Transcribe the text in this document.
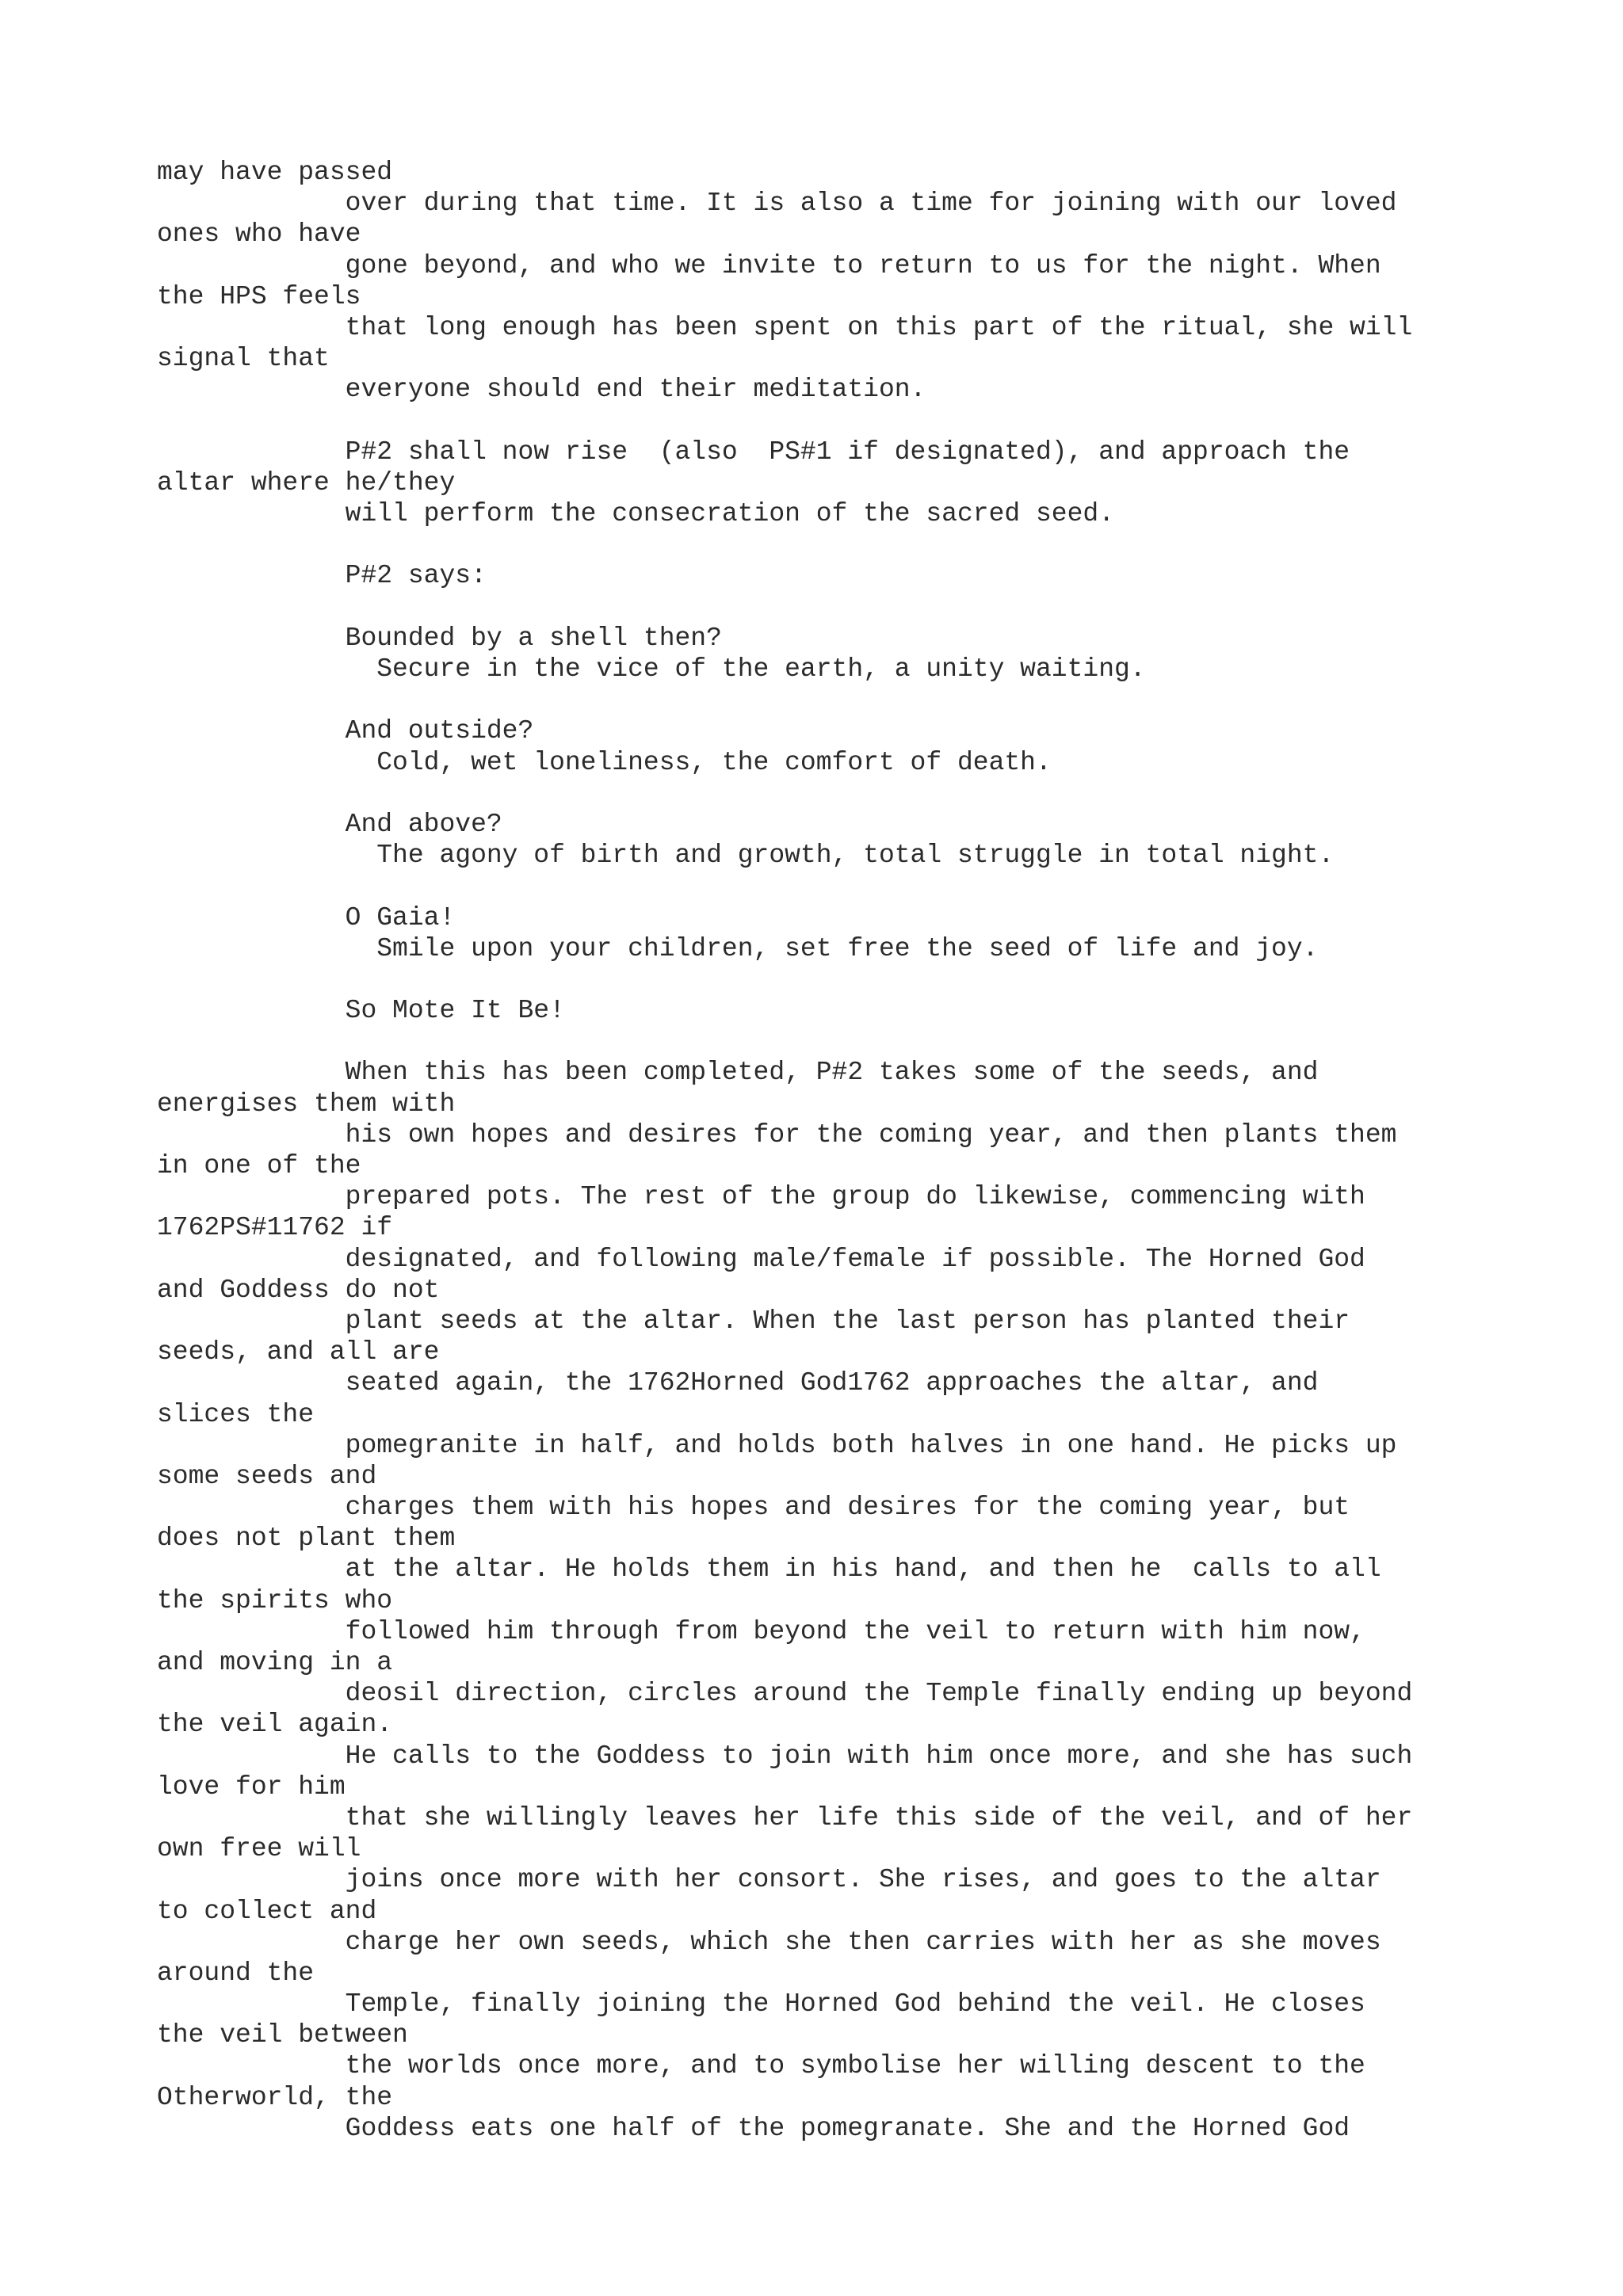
may have passed
over during that time. It is also a time for joining with our loved
ones who have
gone beyond, and who we invite to return to us for the night. When
the HPS feels
that long enough has been spent on this part of the ritual, she will
signal that
everyone should end their meditation.
P#2 shall now rise  (also  PS#1 if designated), and approach the
altar where he/they
will perform the consecration of the sacred seed.
P#2 says:
Bounded by a shell then?
Secure in the vice of the earth, a unity waiting.
And outside?
Cold, wet loneliness, the comfort of death.
And above?
The agony of birth and growth, total struggle in total night.
O Gaia!
Smile upon your children, set free the seed of life and joy.
So Mote It Be!
When this has been completed, P#2 takes some of the seeds, and
energises them with
his own hopes and desires for the coming year, and then plants them
in one of the
prepared pots. The rest of the group do likewise, commencing with
1762PS#11762 if
designated, and following male/female if possible. The Horned God
and Goddess do not
plant seeds at the altar. When the last person has planted their
seeds, and all are
seated again, the 1762Horned God1762 approaches the altar, and
slices the
pomegranite in half, and holds both halves in one hand. He picks up
some seeds and
charges them with his hopes and desires for the coming year, but
does not plant them
at the altar. He holds them in his hand, and then he  calls to all
the spirits who
followed him through from beyond the veil to return with him now,
and moving in a
deosil direction, circles around the Temple finally ending up beyond
the veil again.
He calls to the Goddess to join with him once more, and she has such
love for him
that she willingly leaves her life this side of the veil, and of her
own free will
joins once more with her consort. She rises, and goes to the altar
to collect and
charge her own seeds, which she then carries with her as she moves
around the
Temple, finally joining the Horned God behind the veil. He closes
the veil between
the worlds once more, and to symbolise her willing descent to the
Otherworld, the
Goddess eats one half of the pomegranate. She and the Horned God
